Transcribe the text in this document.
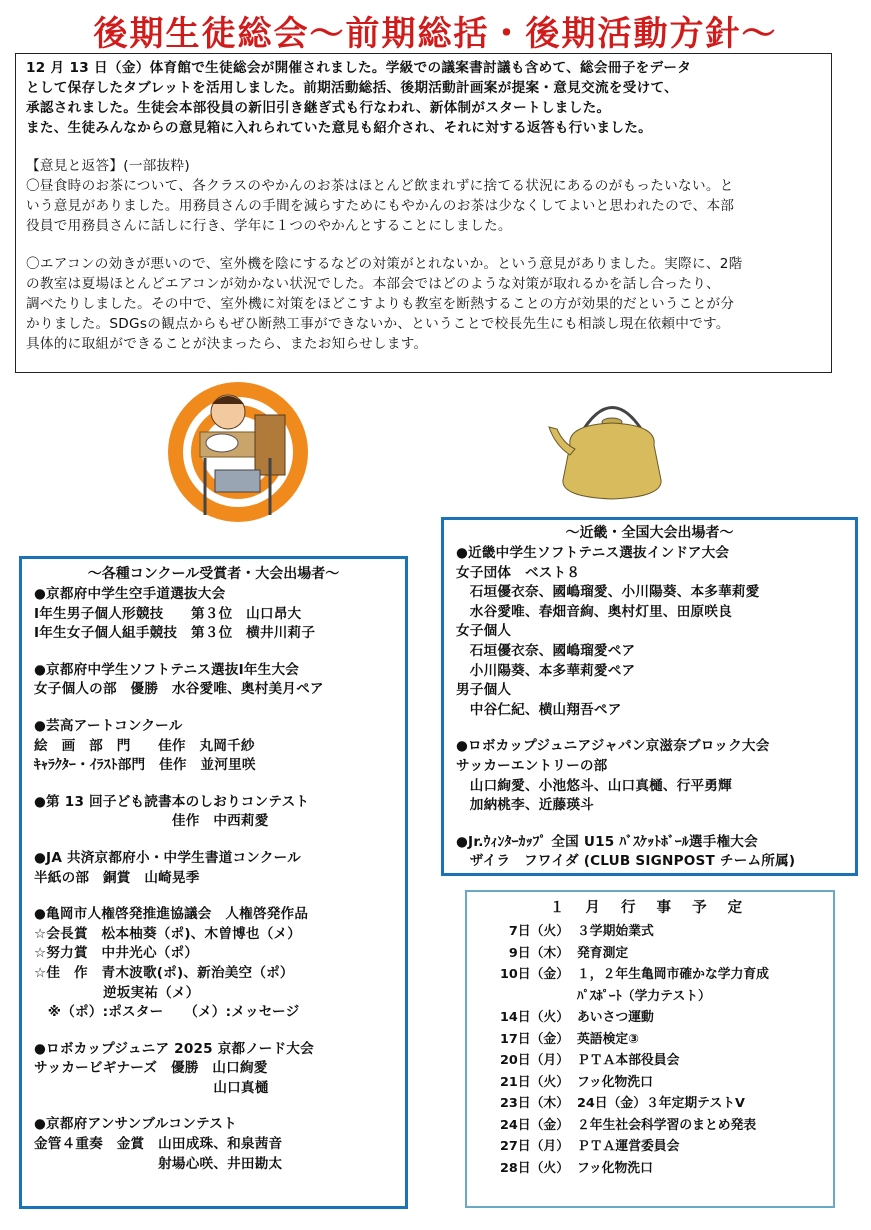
後期生徒総会〜前期総括・後期活動方針〜

12 月 13 日（金）体育館で生徒総会が開催されました。学級での議案書討議も含めて、総会冊子をデータ

として保存したタブレットを活用しました。前期活動総括、後期活動計画案が提案・意見交流を受けて、

承認されました。生徒会本部役員の新旧引き継ぎ式も行なわれ、新体制がスタートしました。

また、生徒みんなからの意見箱に入れられていた意見も紹介され、それに対する返答も行いました。

【意見と返答】(一部抜粋)

〇昼食時のお茶について、各クラスのやかんのお茶はほとんど飲まれずに捨てる状況にあるのがもったいない。と

いう意見がありました。用務員さんの手間を減らすためにもやかんのお茶は少なくしてよいと思われたので、本部

役員で用務員さんに話しに行き、学年に１つのやかんとすることにしました。

〇エアコンの効きが悪いので、室外機を陰にするなどの対策がとれないか。という意見がありました。実際に、2階

の教室は夏場ほとんどエアコンが効かない状況でした。本部会ではどのような対策が取れるかを話し合ったり、

調べたりしました。その中で、室外機に対策をほどこすよりも教室を断熱することの方が効果的だということが分

かりました。SDGsの観点からもぜひ断熱工事ができないか、ということで校長先生にも相談し現在依頼中です。

具体的に取組ができることが決まったら、またお知らせします。

〜各種コンクール受賞者・大会出場者〜
●京都府中学生空手道選抜大会
Ⅰ年生男子個人形競技　　第３位　山口昂大
Ⅰ年生女子個人組手競技　第３位　横井川莉子
●京都府中学生ソフトテニス選抜Ⅰ年生大会
女子個人の部　優勝　水谷愛唯、奥村美月ペア
●芸高アートコンクール
絵　画　部　門　　佳作　丸岡千紗
ｷｬﾗｸﾀｰ・ｲﾗｽﾄ部門　佳作　並河里咲
●第 13 回子ども読書本のしおりコンテスト
　　　　　　　　　　佳作　中西莉愛
●JA 共済京都府小・中学生書道コンクール
半紙の部　銅賞　山崎晃季
●亀岡市人権啓発推進協議会　人権啓発作品
☆会長賞　松本柚葵（ポ)、木曽博也（メ）
☆努力賞　中井光心（ポ）
☆佳　作　青木波歌(ポ)、新治美空（ポ）
　　　　　逆坂実祐（メ）
　※（ポ）:ポスター　　（メ）:メッセージ
●ロボカップジュニア 2025 京都ノード大会
サッカービギナーズ　優勝　山口絢愛
　　　　　　　　　　　　　山口真樋
●京都府アンサンブルコンテスト
金管４重奏　金賞　山田成珠、和泉茜音
　　　　　　　　　射場心咲、井田勘太
〜近畿・全国大会出場者〜
●近畿中学生ソフトテニス選抜インドア大会
女子団体　ベスト８
　石垣優衣奈、國嶋瑠愛、小川陽葵、本多華莉愛
　水谷愛唯、春畑音絢、奥村灯里、田原咲良
女子個人
　石垣優衣奈、國嶋瑠愛ペア
　小川陽葵、本多華莉愛ペア
男子個人
　中谷仁紀、横山翔吾ペア
●ロボカップジュニアジャパン京滋奈ブロック大会
サッカーエントリーの部
　山口絢愛、小池悠斗、山口真樋、行平勇輝
　加納桃李、近藤瑛斗
●Jr.ｳｨﾝﾀｰｶｯﾌﾟ 全国 U15 ﾊﾞｽｹｯﾄﾎﾞｰﾙ選手権大会
　ザイラ　フワイダ (CLUB SIGNPOST チーム所属)
１ 月 行 事 予 定
7日（火） ３学期始業式
9日（木） 発育測定
10日（金） １，２年生亀岡市確かな学力育成
ﾊﾟｽﾎﾟｰﾄ（学力テスト）
14日（火） あいさつ運動
17日（金） 英語検定③
20日（月） ＰＴＡ本部役員会
21日（火） フッ化物洗口
23日（木） 24日（金）３年定期テストⅤ
24日（金） ２年生社会科学習のまとめ発表
27日（月） ＰＴＡ運営委員会
28日（火） フッ化物洗口
